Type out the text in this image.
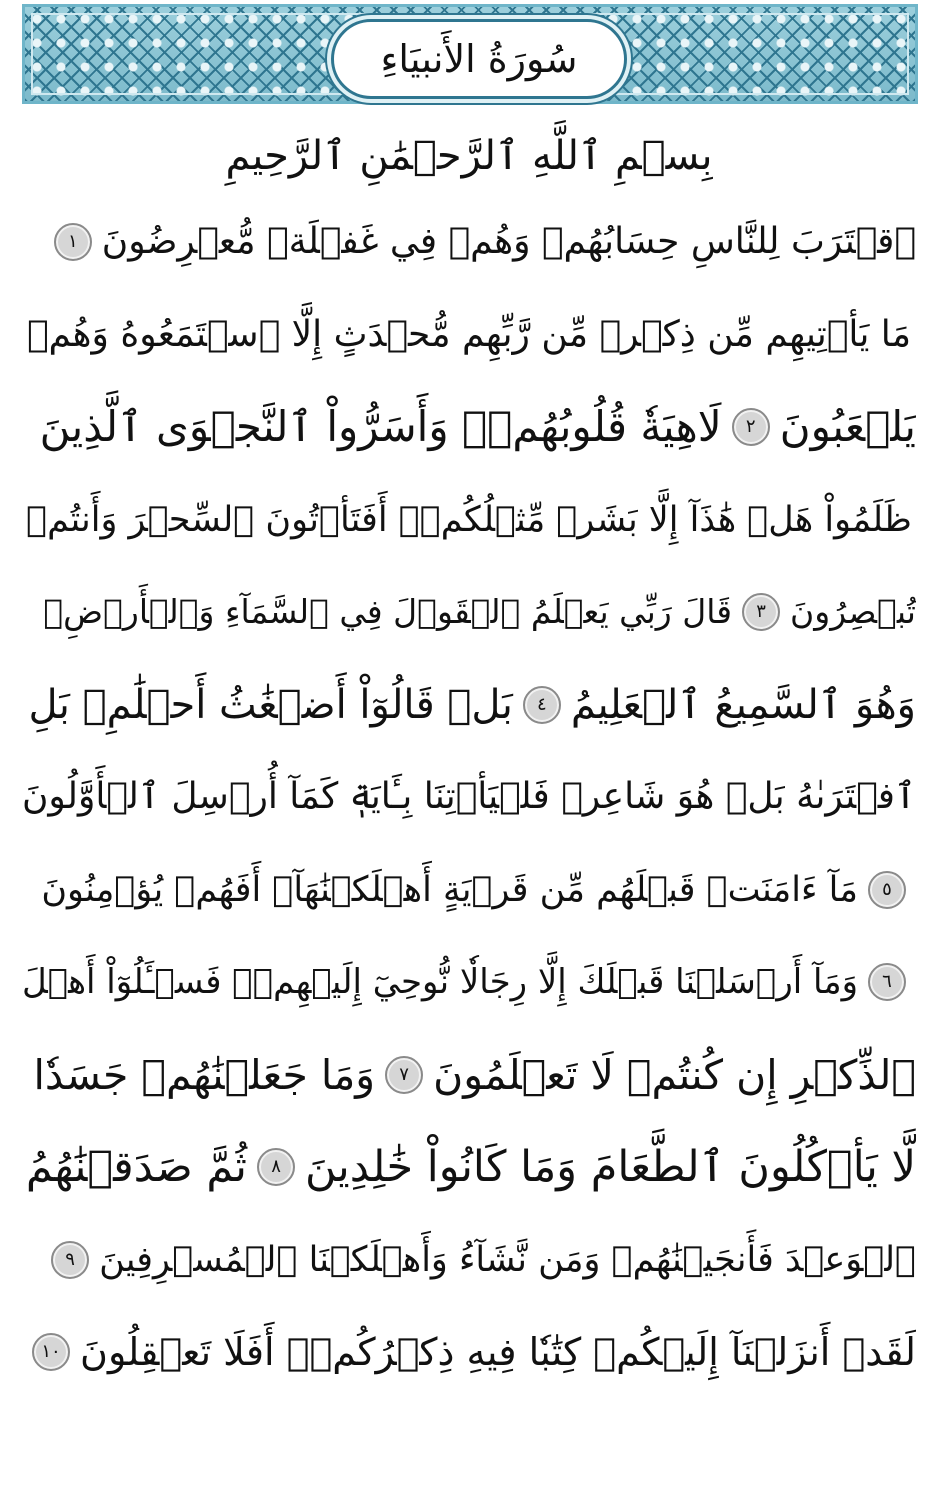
سُورَةُ الأَنبيَاءِ
بِسۡمِ ٱللَّهِ ٱلرَّحۡمَٰنِ ٱلرَّحِيمِ
ٱقۡتَرَبَ لِلنَّاسِ حِسَابُهُمۡ وَهُمۡ فِي غَفۡلَةٖ مُّعۡرِضُونَ
١
مَا يَأۡتِيهِم مِّن ذِكۡرٖ مِّن رَّبِّهِم مُّحۡدَثٍ إِلَّا ٱسۡتَمَعُوهُ وَهُمۡ
يَلۡعَبُونَ
٢
لَاهِيَةٗ قُلُوبُهُمۡۗ وَأَسَرُّواْ ٱلنَّجۡوَى ٱلَّذِينَ
ظَلَمُواْ هَلۡ هَٰذَآ إِلَّا بَشَرٞ مِّثۡلُكُمۡۖ أَفَتَأۡتُونَ ٱلسِّحۡرَ وَأَنتُمۡ
تُبۡصِرُونَ
٣
قَالَ رَبِّي يَعۡلَمُ ٱلۡقَوۡلَ فِي ٱلسَّمَآءِ وَٱلۡأَرۡضِۖ
وَهُوَ ٱلسَّمِيعُ ٱلۡعَلِيمُ
٤
بَلۡ قَالُوٓاْ أَضۡغَٰثُ أَحۡلَٰمِۭ بَلِ
ٱفۡتَرَىٰهُ بَلۡ هُوَ شَاعِرٞ فَلۡيَأۡتِنَا بِـَٔايَةٖ كَمَآ أُرۡسِلَ ٱلۡأَوَّلُونَ
٥
مَآ ءَامَنَتۡ قَبۡلَهُم مِّن قَرۡيَةٍ أَهۡلَكۡنَٰهَآۖ أَفَهُمۡ يُؤۡمِنُونَ
٦
وَمَآ أَرۡسَلۡنَا قَبۡلَكَ إِلَّا رِجَالٗا نُّوحِيٓ إِلَيۡهِمۡۖ فَسۡـَٔلُوٓاْ أَهۡلَ
ٱلذِّكۡرِ إِن كُنتُمۡ لَا تَعۡلَمُونَ
٧
وَمَا جَعَلۡنَٰهُمۡ جَسَدٗا
لَّا يَأۡكُلُونَ ٱلطَّعَامَ وَمَا كَانُواْ خَٰلِدِينَ
٨
ثُمَّ صَدَقۡنَٰهُمُ
ٱلۡوَعۡدَ فَأَنجَيۡنَٰهُمۡ وَمَن نَّشَآءُ وَأَهۡلَكۡنَا ٱلۡمُسۡرِفِينَ
٩
لَقَدۡ أَنزَلۡنَآ إِلَيۡكُمۡ كِتَٰبٗا فِيهِ ذِكۡرُكُمۡۚ أَفَلَا تَعۡقِلُونَ
١٠
